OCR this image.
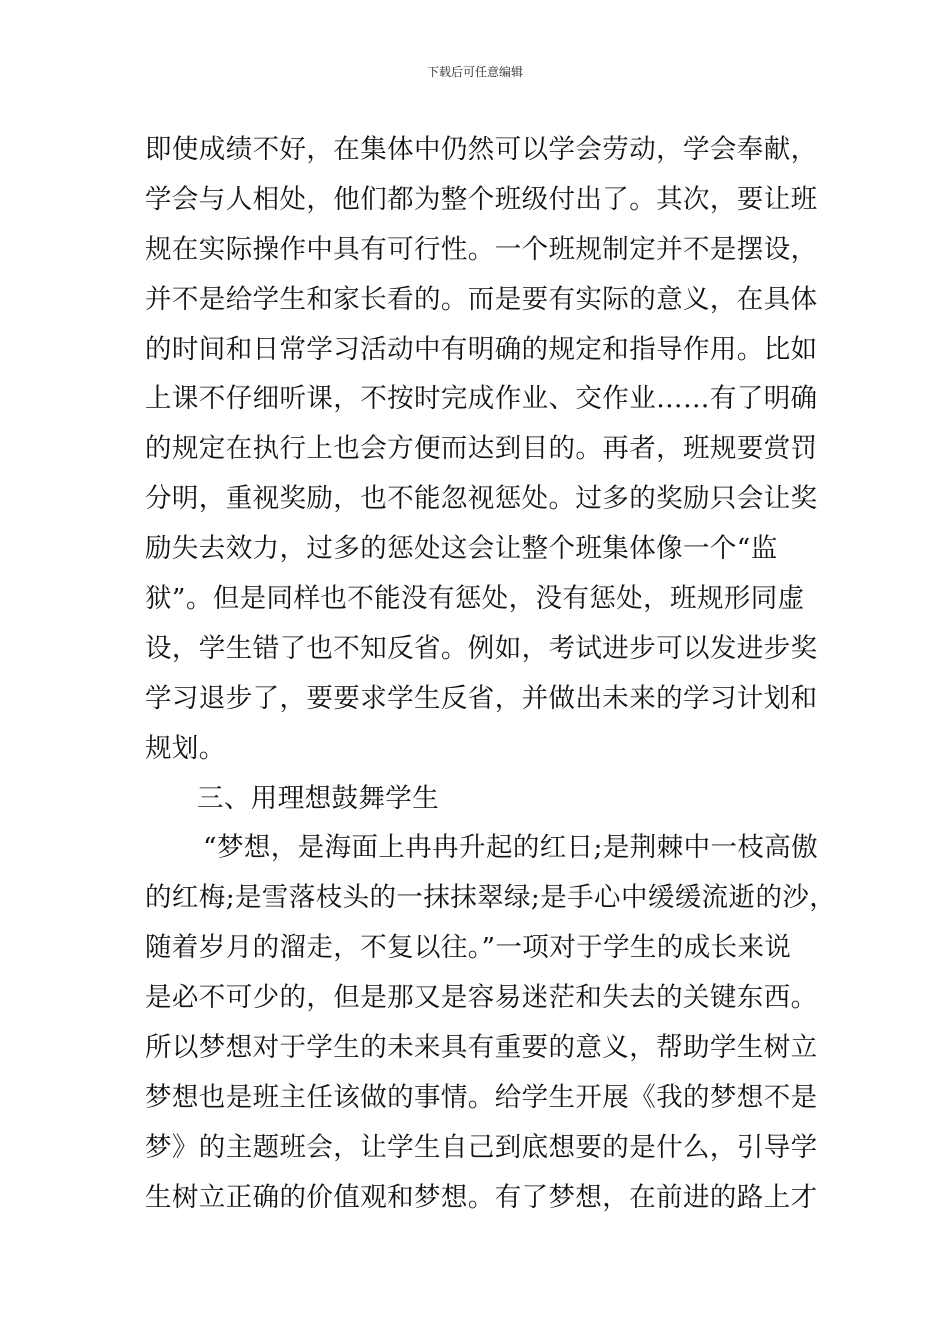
下载后可任意编辑
即使成绩不好，在集体中仍然可以学会劳动，学会奉献，
学会与人相处，他们都为整个班级付出了。其次，要让班
规在实际操作中具有可行性。一个班规制定并不是摆设，
并不是给学生和家长看的。而是要有实际的意义，在具体
的时间和日常学习活动中有明确的规定和指导作用。比如
上课不仔细听课，不按时完成作业、交作业……有了明确
的规定在执行上也会方便而达到目的。再者，班规要赏罚
分明，重视奖励，也不能忽视惩处。过多的奖励只会让奖
励失去效力，过多的惩处这会让整个班集体像一个“监
狱”。但是同样也不能没有惩处，没有惩处，班规形同虚
设，学生错了也不知反省。例如，考试进步可以发进步奖
学习退步了，要要求学生反省，并做出未来的学习计划和
规划。
三、用理想鼓舞学生
“梦想，是海面上冉冉升起的红日;是荆棘中一枝高傲
的红梅;是雪落枝头的一抹抹翠绿;是手心中缓缓流逝的沙，
随着岁月的溜走，不复以往。”一项对于学生的成长来说
是必不可少的，但是那又是容易迷茫和失去的关键东西。
所以梦想对于学生的未来具有重要的意义，帮助学生树立
梦想也是班主任该做的事情。给学生开展《我的梦想不是
梦》的主题班会，让学生自己到底想要的是什么，引导学
生树立正确的价值观和梦想。有了梦想，在前进的路上才
